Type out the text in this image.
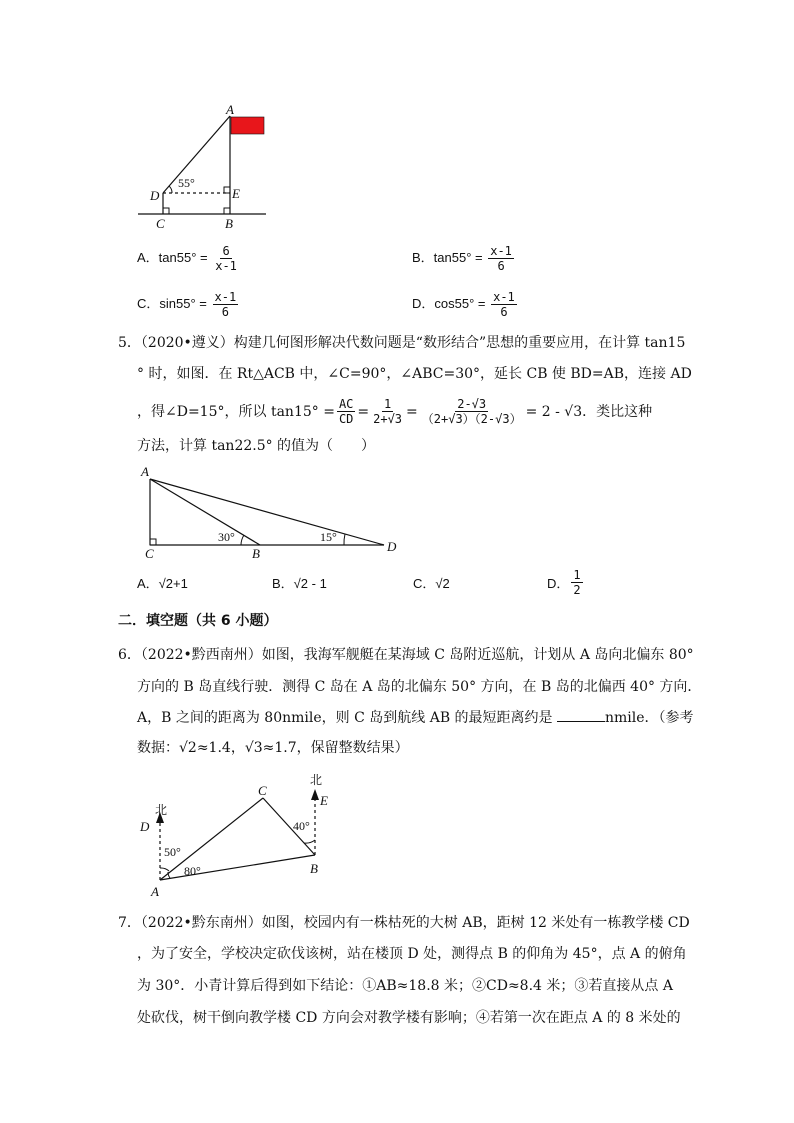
A
D	E
C	B
55°
A．$\tan 55^\circ = \frac{6}{x-1}$	B．$\tan 55^\circ = \frac{x-1}{6}$
C．$\sin 55^\circ = \frac{x-1}{6}$	D．$\cos 55^\circ = \frac{x-1}{6}$
5．（2020•遵义）构建几何图形解决代数问题是“数形结合”思想的重要应用，在计算 tan15
° 时，如图．在 Rt△ACB 中，∠C=90°，∠ABC=30°，延长 CB 使 BD=AB，连接 AD
，得∠D=15°，所以 $\tan 15^\circ = \frac{AC}{CD} = \frac{1}{2+√3} = \frac{2-√3}{(2+√3)(2-√3)} = 2 - √3$．类比这种
方法，计算 tan22.5° 的值为（　　）
A
C	B	D
30°	15°
A．√2+1	B．√2 - 1	C．√2	D． $\frac{1}{2}$
二．填空题（共 6 小题）
6．（2022•黔西南州）如图，我海军舰艇在某海域 C 岛附近巡航，计划从 A 岛向北偏东 80°
方向的 B 岛直线行驶．测得 C 岛在 A 岛的北偏东 50° 方向，在 B 岛的北偏西 40° 方向．
A，B 之间的距离为 80nmile，则 C 岛到航线 AB 的最短距离约是	nmile．（参考
数据：√2≈1.4，√3≈1.7，保留整数结果）
北
北
D
E
C
A
B
50°
80°
40°
7．（2022•黔东南州）如图，校园内有一株枯死的大树 AB，距树 12 米处有一栋教学楼 CD
，为了安全，学校决定砍伐该树，站在楼顶 D 处，测得点 B 的仰角为 45°，点 A 的俯角
为 30°．小青计算后得到如下结论：①AB≈18.8 米；②CD≈8.4 米；③若直接从点 A
处砍伐，树干倒向教学楼 CD 方向会对教学楼有影响；④若第一次在距点 A 的 8 米处的
